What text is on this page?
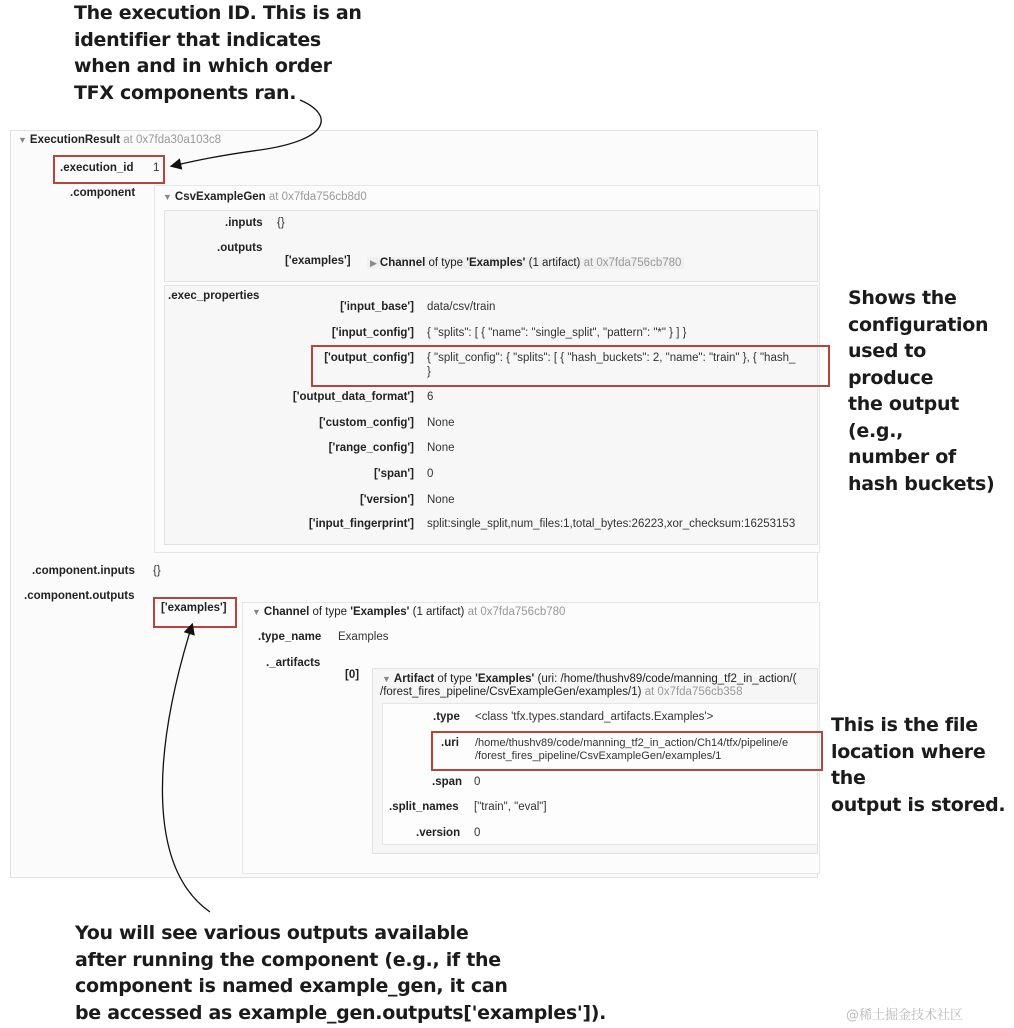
The execution ID. This is an
identifier that indicates
when and in which order
TFX components ran.
Shows the
configuration
used to produce
the output (e.g.,
number of
hash buckets)
This is the file
location where the
output is stored.
You will see various outputs available
after running the component (e.g., if the
component is named example_gen, it can
be accessed as example_gen.outputs['examples']).
▼ ExecutionResult at 0x7fda30a103c8
.execution_id 1
.component	▼ CsvExampleGen at 0x7fda756cb8d0
.inputs {}
.outputs
['examples']	▶ Channel of type 'Examples' (1 artifact) at 0x7fda756cb780
.exec_properties
['input_base'] data/csv/train
['input_config'] { "splits": [ { "name": "single_split", "pattern": "*" } ] }
['output_config'] { "split_config": { "splits": [ { "hash_buckets": 2, "name": "train" }, { "hash_
}
['output_data_format'] 6
['custom_config'] None
['range_config'] None
['span'] 0
['version'] None
['input_fingerprint'] split:single_split,num_files:1,total_bytes:26223,xor_checksum:16253153
.component.inputs {}
.component.outputs
['examples']	▼ Channel of type 'Examples' (1 artifact) at 0x7fda756cb780
.type_name Examples
._artifacts
[0]	▼ Artifact of type 'Examples' (uri: /home/thushv89/code/manning_tf2_in_action/(
/forest_fires_pipeline/CsvExampleGen/examples/1) at 0x7fda756cb358
.type <class 'tfx.types.standard_artifacts.Examples'>
.uri /home/thushv89/code/manning_tf2_in_action/Ch14/tfx/pipeline/e
/forest_fires_pipeline/CsvExampleGen/examples/1
.span 0
.split_names ["train", "eval"]
.version 0
@稀土掘金技术社区
